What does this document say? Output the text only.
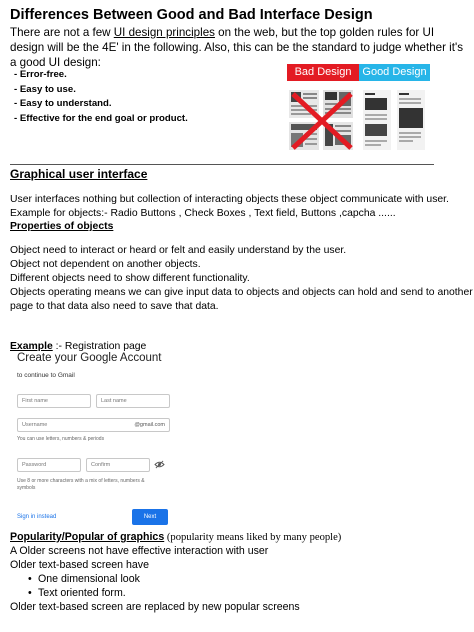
Differences Between Good and Bad Interface Design
There are not a few UI design principles on the web, but the top golden rules for UI design will be the 4E' in the following. Also, this can be the standard to judge whether it's a good UI design:
- Error-free.
- Easy to use.
- Easy to understand.
- Effective for the end goal or product.
Bad Design Good Design
Graphical user interface
User interfaces nothing but collection of interacting objects these object communicate with user.
Example for objects:- Radio Buttons , Check Boxes , Text field, Buttons ,capcha ......
Properties of objects
Object need to interact or heard or felt and easily understand by the user.
Object not dependent on another objects.
Different objects need to show different functionality.
Objects operating means we can give input data to objects and objects can hold and send to another
page to that data also need to save that data.
Example :- Registration page
Create your Google Account
to continue to Gmail
First name	Last name
Username	@gmail.com
You can use letters, numbers & periods
Password	Confirm
Use 8 or more characters with a mix of letters, numbers & symbols
Sign in instead	Next
Popularity/Popular of graphics (popularity means liked by many people)
A Older screens not have effective interaction with user
Older text-based screen have
• One dimensional look
• Text oriented form.
Older text-based screen are replaced by new popular screens
